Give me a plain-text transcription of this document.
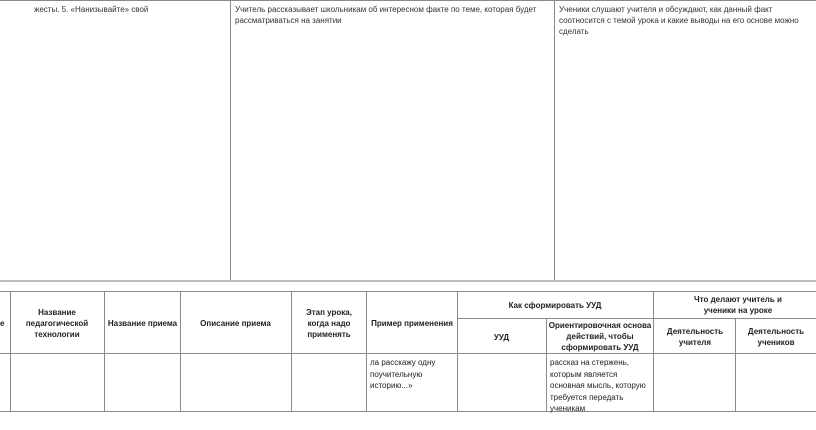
жесты. 5. «Нанизывайте» свой	Учитель рассказывает школьникам об интересном факте по теме, которая будет рассматриваться на занятии
Ученики слушают учителя и обсуждают, как данный факт соотносится с темой урока и какие выводы на его основе можно сделать
е
Название педагогической технологии
Название приема	Описание приема
Этап урока, когда надо применять
Пример применения
Как сформировать УУД
Что делают учитель и ученики на уроке
УУД
Ориентировочная основа действий, чтобы сформировать УУД
Деятельность учителя
Деятельность учеников
ла расскажу одну поучительную историю...»
рассказ на стержень, которым является основная мысль, которую требуется передать ученикам
